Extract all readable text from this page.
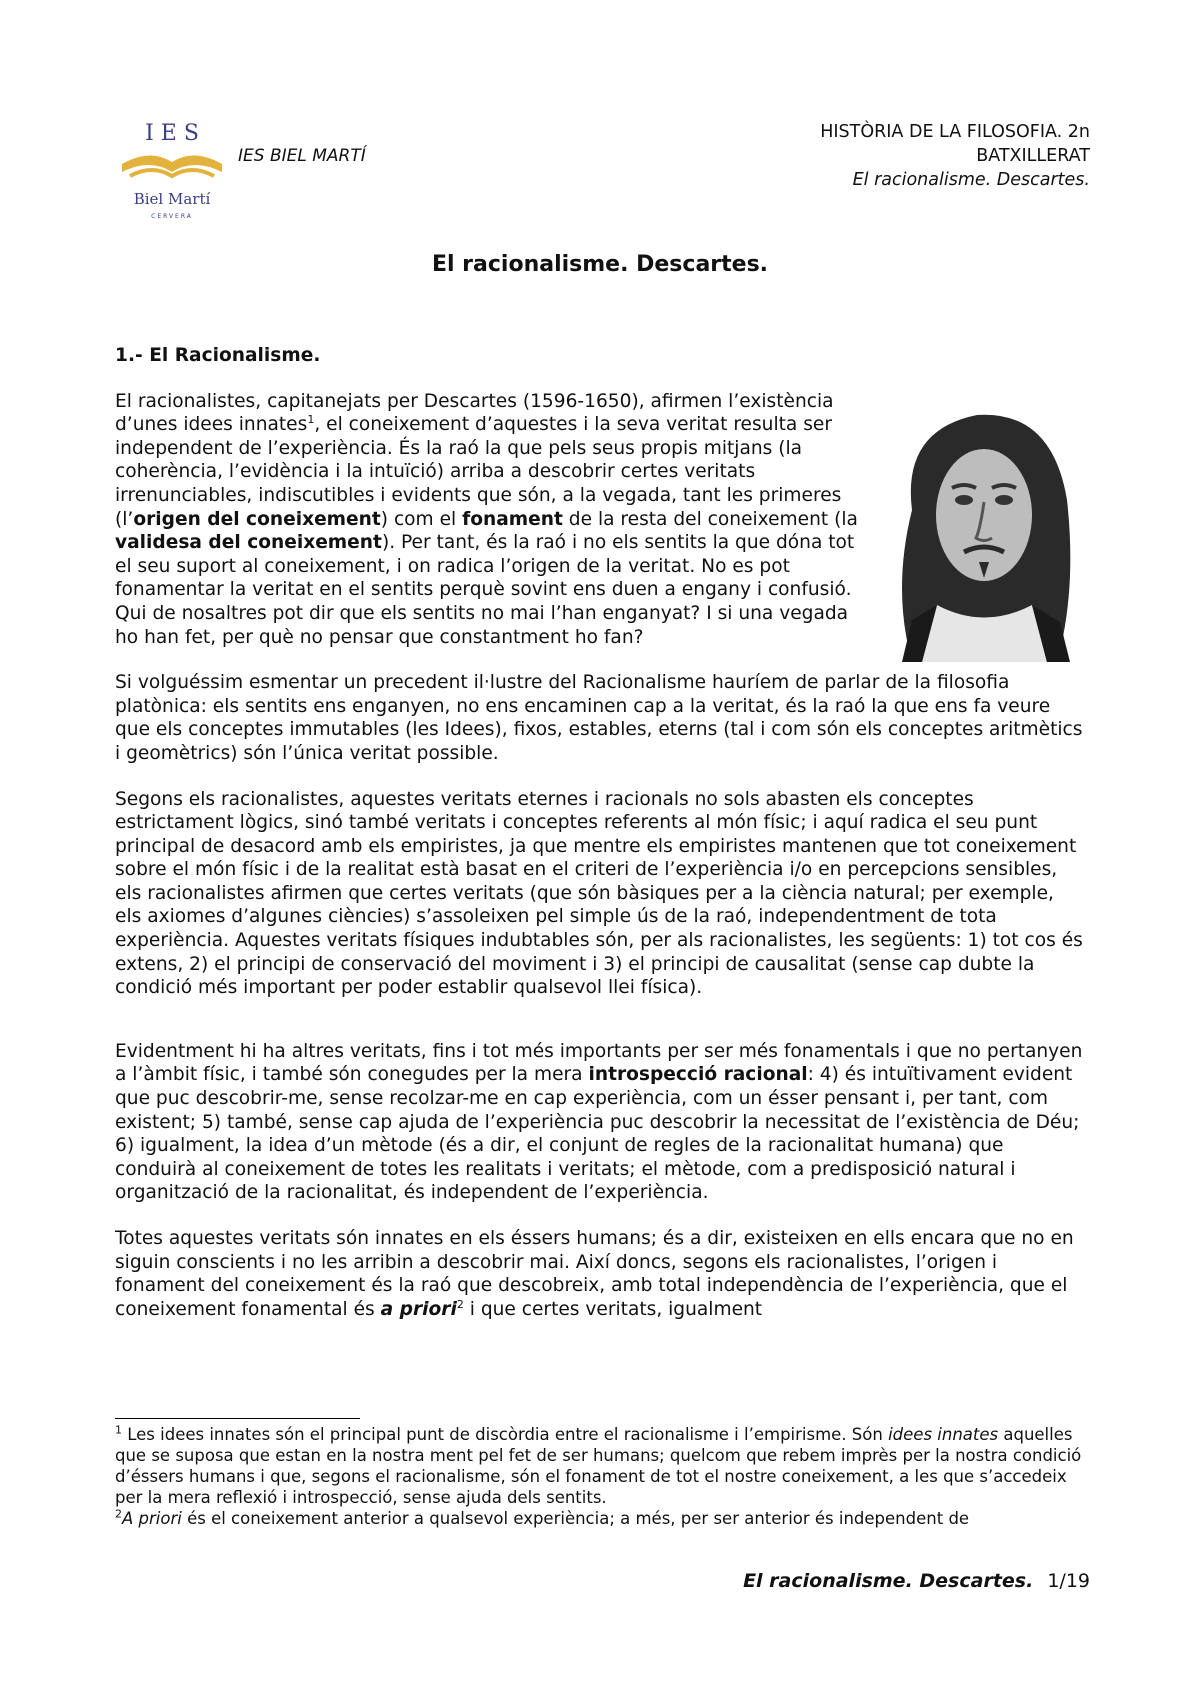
I E S
Biel Martí
CERVERA
IES BIEL MARTÍ
HISTÒRIA DE LA FILOSOFIA. 2n
BATXILLERAT
El racionalisme. Descartes.
El racionalisme. Descartes.

1.- El Racionalisme.

El racionalistes, capitanejats per Descartes (1596-1650), afirmen l’existència d’unes idees innates$^1$, el coneixement d’aquestes i la seva veritat resulta ser independent de l’experiència. És la raó la que pels seus propis mitjans (la coherència, l’evidència i la intuïció) arriba a descobrir certes veritats irrenunciables, indiscutibles i evidents que són, a la vegada, tant les primeres (l’origen del coneixement) com el fonament de la resta del coneixement (la validesa del coneixement). Per tant, és la raó i no els sentits la que dóna tot el seu suport al coneixement, i on radica l’origen de la veritat. No es pot fonamentar la veritat en el sentits perquè sovint ens duen a engany i confusió. Qui de nosaltres pot dir que els sentits no mai l’han enganyat? I si una vegada ho han fet, per què no pensar que constantment ho fan?

Si volguéssim esmentar un precedent il·lustre del Racionalisme hauríem de parlar de la filosofia platònica: els sentits ens enganyen, no ens encaminen cap a la veritat, és la raó la que ens fa veure que els conceptes immutables (les Idees), fixos, estables, eterns (tal i com són els conceptes aritmètics i geomètrics) són l’única veritat possible.

Segons els racionalistes, aquestes veritats eternes i racionals no sols abasten els conceptes estrictament lògics, sinó també veritats i conceptes referents al món físic; i aquí radica el seu punt principal de desacord amb els empiristes, ja que mentre els empiristes mantenen que tot coneixement sobre el món físic i de la realitat està basat en el criteri de l’experiència i/o en percepcions sensibles, els racionalistes afirmen que certes veritats (que són bàsiques per a la ciència natural; per exemple, els axiomes d’algunes ciències) s’assoleixen pel simple ús de la raó, independentment de tota experiència. Aquestes veritats físiques indubtables són, per als racionalistes, les següents: 1) tot cos és extens, 2) el principi de conservació del moviment i 3) el principi de causalitat (sense cap dubte la condició més important per poder establir qualsevol llei física).

Evidentment hi ha altres veritats, fins i tot més importants per ser més fonamentals i que no pertanyen a l’àmbit físic, i també són conegudes per la mera introspecció racional: 4) és intuïtivament evident que puc descobrir-me, sense recolzar-me en cap experiència, com un ésser pensant i, per tant, com existent; 5) també, sense cap ajuda de l’experiència puc descobrir la necessitat de l’existència de Déu; 6) igualment, la idea d’un mètode (és a dir, el conjunt de regles de la racionalitat humana) que conduirà al coneixement de totes les realitats i veritats; el mètode, com a predisposició natural i organització de la racionalitat, és independent de l’experiència.

Totes aquestes veritats són innates en els éssers humans; és a dir, existeixen en ells encara que no en siguin conscients i no les arribin a descobrir mai. Així doncs, segons els racionalistes, l’origen i fonament del coneixement és la raó que descobreix, amb total independència de l’experiència, que el coneixement fonamental és a priori$^2$ i que certes veritats, igualment

$^1$ Les idees innates són el principal punt de discòrdia entre el racionalisme i l’empirisme. Són idees innates aquelles que se suposa que estan en la nostra ment pel fet de ser humans; quelcom que rebem imprès per la nostra condició d’éssers humans i que, segons el racionalisme, són el fonament de tot el nostre coneixement, a les que s’accedeix per la mera reflexió i introspecció, sense ajuda dels sentits.

$^2$A priori és el coneixement anterior a qualsevol experiència; a més, per ser anterior és independent de

El racionalisme. Descartes. 1/19
